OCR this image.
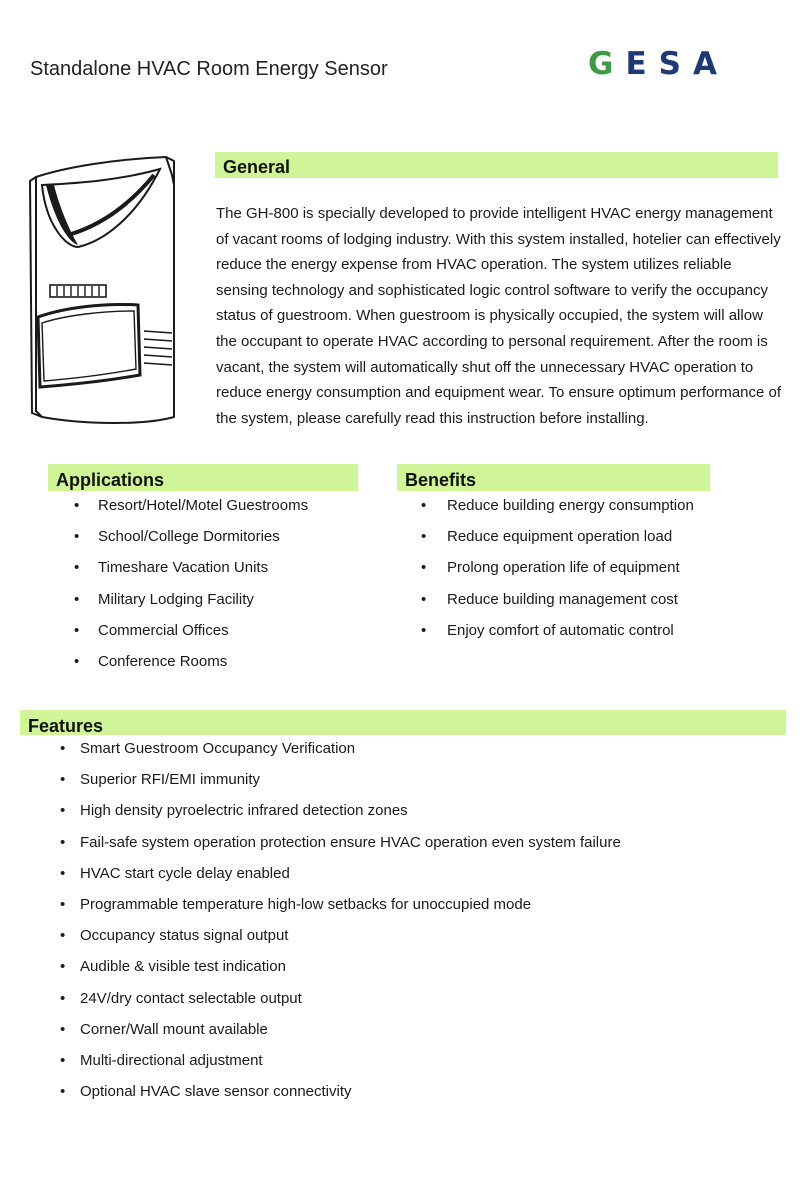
Standalone HVAC Room Energy Sensor	GESA
General

The GH-800 is specially developed to provide intelligent HVAC energy management of vacant rooms of lodging industry. With this system installed, hotelier can effectively reduce the energy expense from HVAC operation. The system utilizes reliable sensing technology and sophisticated logic control software to verify the occupancy status of guestroom. When guestroom is physically occupied, the system will allow the occupant to operate HVAC according to personal requirement. After the room is vacant, the system will automatically shut off the unnecessary HVAC operation to reduce energy consumption and equipment wear. To ensure optimum performance of the system, please carefully read this instruction before installing.

Applications
• Resort/Hotel/Motel Guestrooms
• School/College Dormitories
• Timeshare Vacation Units
• Military Lodging Facility
• Commercial Offices
• Conference Rooms
Benefits
• Reduce building energy consumption
• Reduce equipment operation load
• Prolong operation life of equipment
• Reduce building management cost
• Enjoy comfort of automatic control
Features
• Smart Guestroom Occupancy Verification
• Superior RFI/EMI immunity
• High density pyroelectric infrared detection zones
• Fail-safe system operation protection ensure HVAC operation even system failure
• HVAC start cycle delay enabled
• Programmable temperature high-low setbacks for unoccupied mode
• Occupancy status signal output
• Audible & visible test indication
• 24V/dry contact selectable output
• Corner/Wall mount available
• Multi-directional adjustment
• Optional HVAC slave sensor connectivity
